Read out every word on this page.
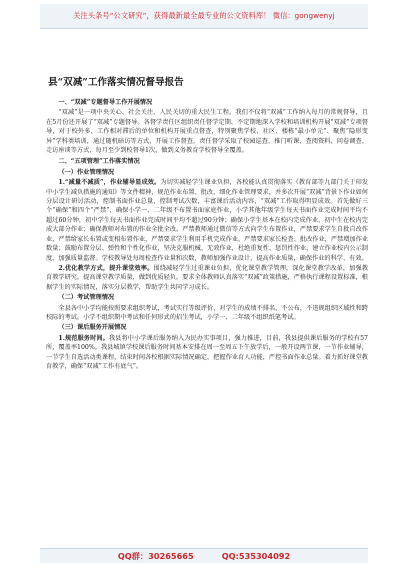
关注头条号“公文研究”，获得最新最全最专业的公文资料库！ 微信：gongwenyj
县“双减”工作落实情况督导报告
一、“双减”专题督导工作开展情况

“双减”是一项中央关心、社会关注、人民关切的重大民生工程。我们不仅将“双减”工作纳入每月的常规督导，且在5月份还开展了“双减”专题督导。各督学责任区组织责任督学定期、不定期地深入学校和培训机构开展“双减”专项督导，对于校外多、工作相对滞后的单位和机构开展重点督查，特别聚焦学校、社区、楼栋“最小单元”、聚焦“隐形变异”学科类培训，通过随机暗访等方式，开展工作督查。责任督学采取了校园巡查、推门听课、查阅资料、问卷调查、走访座谈等方式，每月至少到校督导1次，做到义务教育学校督导全覆盖。

二、“五项管理”工作落实情况
（一）作业管理情况

1.“减量不减质”，作业辅导显成效。为切实减轻学生课业负担，各校能认真贯彻落实《教育部等九部门关于印发中小学生减负措施的通知》等文件精神，规范作业布置、批改，细化作业管理要求，并多次开展“双减”背景下作业如何分层设计研讨活动，控制书面作业总量，控制考试次数，丰富课后活动内容，“双减”工作取得明显成效。首先做好三个“确保”和四个“严禁”，确保小学一、二年级不布置书面家庭作业，小学其他年级学生每天书面作业完成时间平均不超过60分钟，初中学生每天书面作业完成时间平均不超过90分钟；确保小学生基本在校内完成作业，初中生在校内完成大部分作业；确保教师对布置的作业全批全改。严禁教师通过微信等方式向学生布置作业，严禁要求学生自批自改作业，严禁给家长布置或变相布置作业，严禁要求学生利用手机完成作业，严禁要求家长检查、批改作业，严禁增加作业数量；鼓励布置分层、弹性和个性化作业，坚决克服机械、无效作业，杜绝重复性、惩罚性作业，建立作业校内公示制度，加强质量监督。学校教导处每周检查作业量和次数，教师加强作业设计，提高作业质量，确保作业的科学、有效。

2.优化教学方式，提升课堂效率。围绕减轻学生过重课业负担，优化课堂教学管理，深化课堂教学改革，加强教育教学研究，提高课堂教学质量，做到优质轻负。要求全体教师认真落实“双减”政策措施，严格执行课程设置标准，根据学生的实际情况，落实分层教学，帮助学生共同学习成长。

（二）考试管理情况

全县各中小学均能按照要求组织考试，考试实行等级评价，对学生的成绩不排名、不公布，不违规组织区域性和跨校际的考试。小学不组织期中考试和任何形式的招生考试，小学一、二年级不组织纸笔考试。

（三）课后服务开展情况

1.规范服务时间。我县将中小学课后服务纳入为民办实事项目，强力推进，目前，我县提供课后服务的学校有57所，覆盖率100%。我县城镇学校课后服务时间基本安排在周一至周五下午放学后，一般开设两节课，一节作业辅导，一节学生自选活动类课程，结束时间各校根据实际情况确定，把握作业育人功能，严控书面作业总量。着力抓好课堂教育教学，确保“双减”工作有底气”。

QQ群：30265665	QQ:535304092
